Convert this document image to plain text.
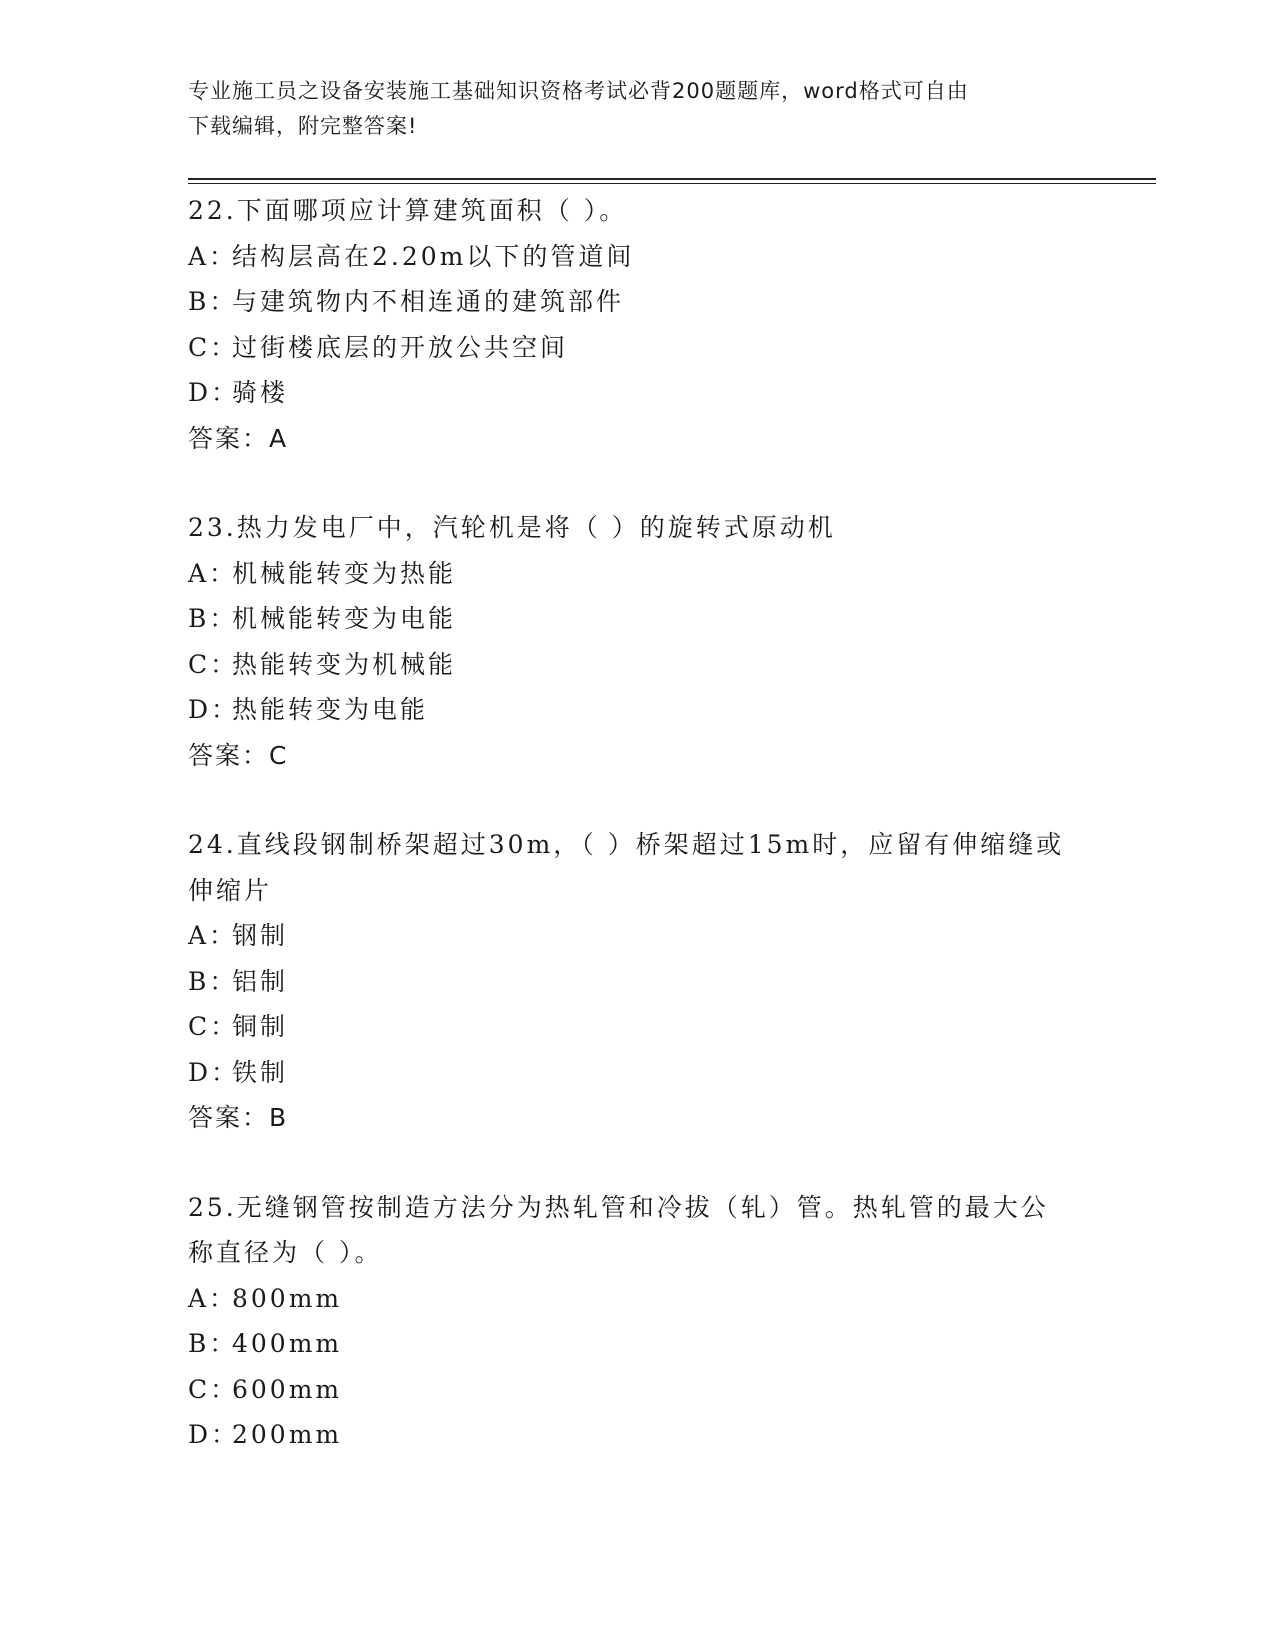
专业施工员之设备安装施工基础知识资格考试必背200题题库，word格式可自由
下载编辑，附完整答案!
22.下面哪项应计算建筑面积（ ）。
A：结构层高在2.20m以下的管道间
B：与建筑物内不相连通的建筑部件
C：过街楼底层的开放公共空间
D：骑楼
答案：A
23.热力发电厂中，汽轮机是将（ ）的旋转式原动机
A：机械能转变为热能
B：机械能转变为电能
C：热能转变为机械能
D：热能转变为电能
答案：C
24.直线段钢制桥架超过30m，（ ）桥架超过15m时，应留有伸缩缝或
伸缩片
A：钢制
B：铝制
C：铜制
D：铁制
答案：B
25.无缝钢管按制造方法分为热轧管和冷拔（轧）管。热轧管的最大公
称直径为（ ）。
A：800mm
B：400mm
C：600mm
D：200mm
